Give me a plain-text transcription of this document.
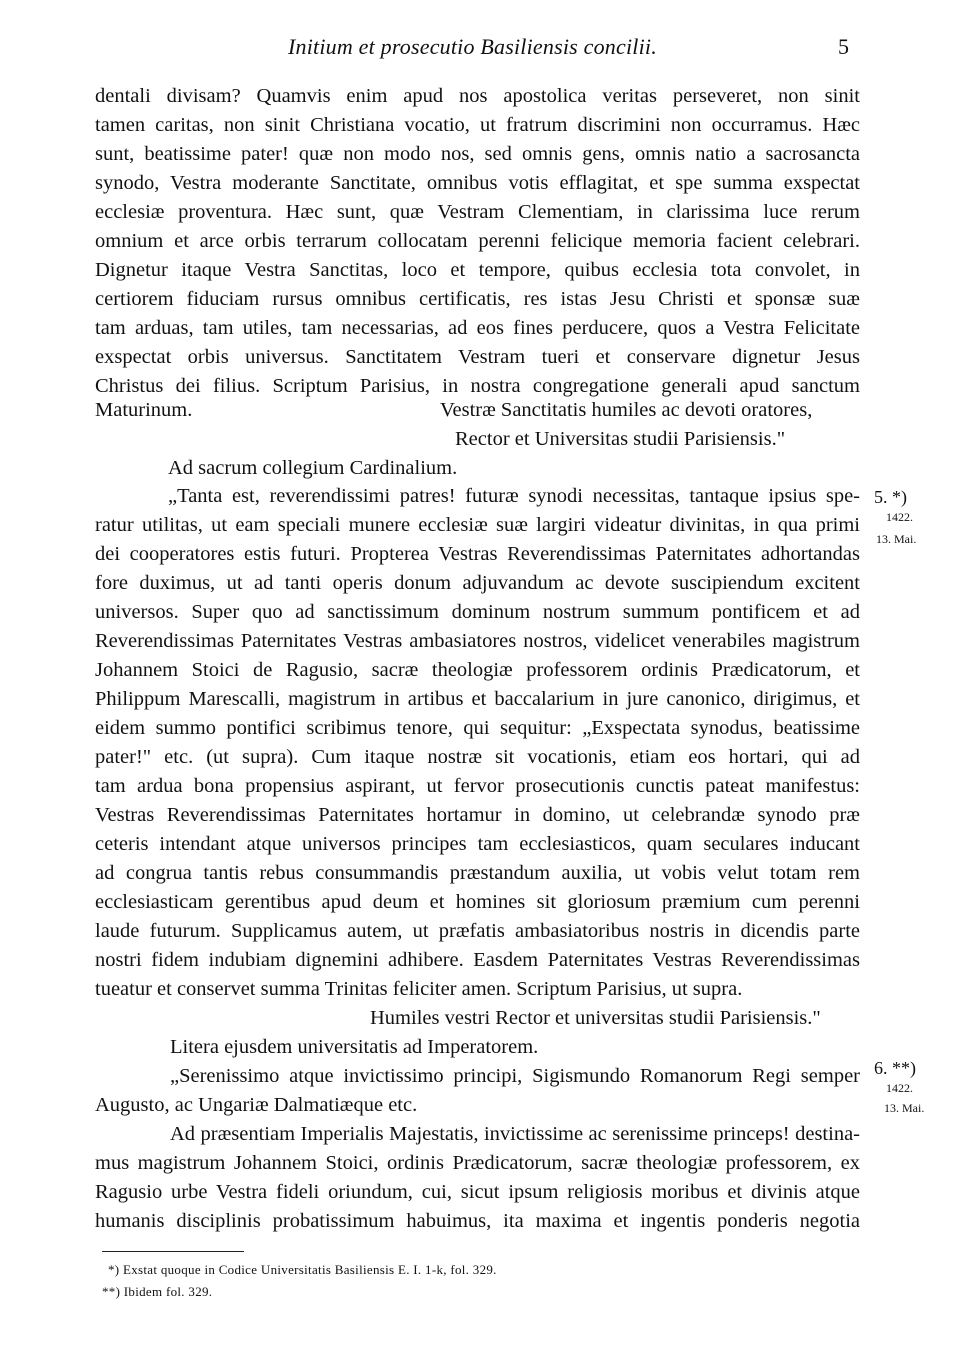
Initium et prosecutio Basiliensis concilii.	5
dentali divisam? Quamvis enim apud nos apostolica veritas perseveret, non sinit
tamen caritas, non sinit Christiana vocatio, ut fratrum discrimini non occurramus. Hæc
sunt, beatissime pater! quæ non modo nos, sed omnis gens, omnis natio a sacrosancta
synodo, Vestra moderante Sanctitate, omnibus votis efflagitat, et spe summa exspectat
ecclesiæ proventura. Hæc sunt, quæ Vestram Clementiam, in clarissima luce rerum
omnium et arce orbis terrarum collocatam perenni felicique memoria facient celebrari.
Dignetur itaque Vestra Sanctitas, loco et tempore, quibus ecclesia tota convolet, in
certiorem fiduciam rursus omnibus certificatis, res istas Jesu Christi et sponsæ suæ
tam arduas, tam utiles, tam necessarias, ad eos fines perducere, quos a Vestra Felicitate
exspectat orbis universus. Sanctitatem Vestram tueri et conservare dignetur Jesus
Christus dei filius. Scriptum Parisius, in nostra congregatione generali apud sanctum
Maturinum.	Vestræ Sanctitatis humiles ac devoti oratores,
Rector et Universitas studii Parisiensis."
Ad sacrum collegium Cardinalium.
„Tanta est, reverendissimi patres! futuræ synodi necessitas, tantaque ipsius spe-
ratur utilitas, ut eam speciali munere ecclesiæ suæ largiri videatur divinitas, in qua primi
dei cooperatores estis futuri. Propterea Vestras Reverendissimas Paternitates adhortandas
fore duximus, ut ad tanti operis donum adjuvandum ac devote suscipiendum excitent
universos. Super quo ad sanctissimum dominum nostrum summum pontificem et ad
Reverendissimas Paternitates Vestras ambasiatores nostros, videlicet venerabiles magistrum
Johannem Stoici de Ragusio, sacræ theologiæ professorem ordinis Prædicatorum, et
Philippum Marescalli, magistrum in artibus et baccalarium in jure canonico, dirigimus, et
eidem summo pontifici scribimus tenore, qui sequitur: „Exspectata synodus, beatissime
pater!" etc. (ut supra). Cum itaque nostræ sit vocationis, etiam eos hortari, qui ad
tam ardua bona propensius aspirant, ut fervor prosecutionis cunctis pateat manifestus:
Vestras Reverendissimas Paternitates hortamur in domino, ut celebrandæ synodo præ
ceteris intendant atque universos principes tam ecclesiasticos, quam seculares inducant
ad congrua tantis rebus consummandis præstandum auxilia, ut vobis velut totam rem
ecclesiasticam gerentibus apud deum et homines sit gloriosum præmium cum perenni
laude futurum. Supplicamus autem, ut præfatis ambasiatoribus nostris in dicendis parte
nostri fidem indubiam dignemini adhibere. Easdem Paternitates Vestras Reverendissimas
tueatur et conservet summa Trinitas feliciter amen. Scriptum Parisius, ut supra.
Humiles vestri Rector et universitas studii Parisiensis."
Litera ejusdem universitatis ad Imperatorem.
„Serenissimo atque invictissimo principi, Sigismundo Romanorum Regi semper
Augusto, ac Ungariæ Dalmatiæque etc.
Ad præsentiam Imperialis Majestatis, invictissime ac serenissime princeps! destina-
mus magistrum Johannem Stoici, ordinis Prædicatorum, sacræ theologiæ professorem, ex
Ragusio urbe Vestra fideli oriundum, cui, sicut ipsum religiosis moribus et divinis atque
humanis disciplinis probatissimum habuimus, ita maxima et ingentis ponderis negotia
5. *)
1422.
13. Mai.
6. **)
1422.
13. Mai.
*) Exstat quoque in Codice Universitatis Basiliensis E. I. 1-k, fol. 329.
**) Ibidem fol. 329.
